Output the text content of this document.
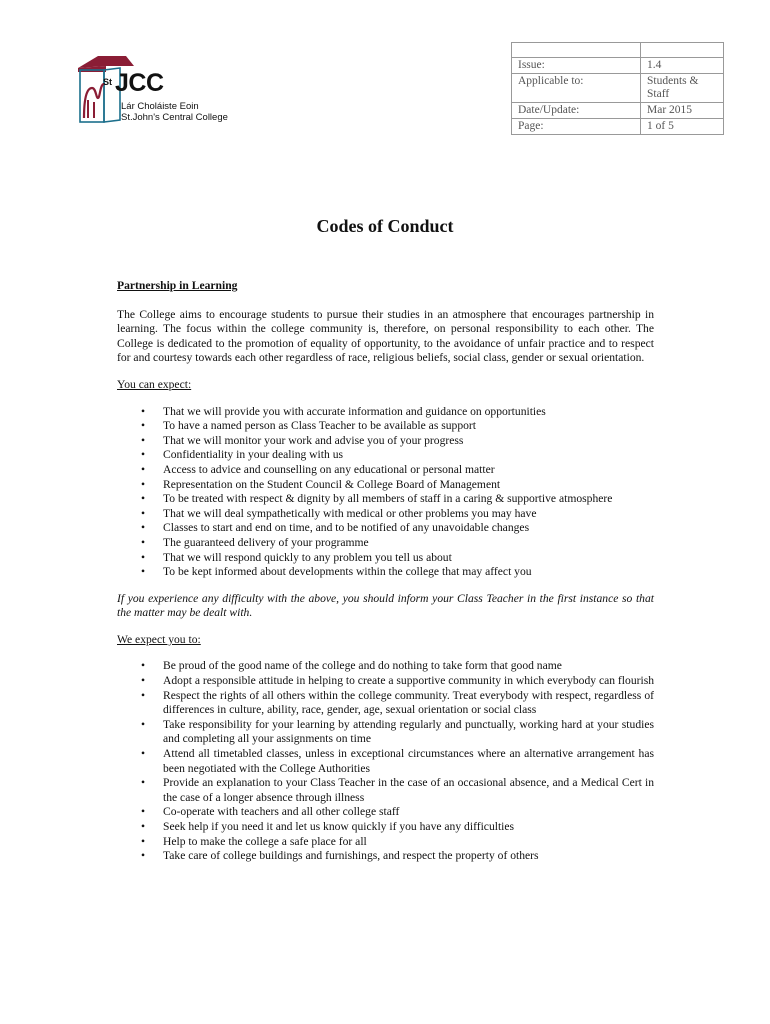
St JCC
Lár Choláiste Eoin
St.John's Central College

Issue:	1.4
Applicable to:	Students & Staff
Date/Update:	Mar 2015
Page:	1 of 5
Codes of Conduct
Partnership in Learning

The College aims to encourage students to pursue their studies in an atmosphere that encourages partnership in learning. The focus within the college community is, therefore, on personal responsibility to each other. The College is dedicated to the promotion of equality of opportunity, to the avoidance of unfair practice and to respect for and courtesy towards each other regardless of race, religious beliefs, social class, gender or sexual orientation.

You can expect:
• That we will provide you with accurate information and guidance on opportunities
• To have a named person as Class Teacher to be available as support
• That we will monitor your work and advise you of your progress
• Confidentiality in your dealing with us
• Access to advice and counselling on any educational or personal matter
• Representation on the Student Council & College Board of Management
• To be treated with respect & dignity by all members of staff in a caring & supportive atmosphere
• That we will deal sympathetically with medical or other problems you may have
• Classes to start and end on time, and to be notified of any unavoidable changes
• The guaranteed delivery of your programme
• That we will respond quickly to any problem you tell us about
• To be kept informed about developments within the college that may affect you

If you experience any difficulty with the above, you should inform your Class Teacher in the first instance so that the matter may be dealt with.

We expect you to:
• Be proud of the good name of the college and do nothing to take form that good name
• Adopt a responsible attitude in helping to create a supportive community in which everybody can flourish
• Respect the rights of all others within the college community. Treat everybody with respect, regardless of differences in culture, ability, race, gender, age, sexual orientation or social class
• Take responsibility for your learning by attending regularly and punctually, working hard at your studies and completing all your assignments on time
• Attend all timetabled classes, unless in exceptional circumstances where an alternative arrangement has been negotiated with the College Authorities
• Provide an explanation to your Class Teacher in the case of an occasional absence, and a Medical Cert in the case of a longer absence through illness
• Co-operate with teachers and all other college staff
• Seek help if you need it and let us know quickly if you have any difficulties
• Help to make the college a safe place for all
• Take care of college buildings and furnishings, and respect the property of others
